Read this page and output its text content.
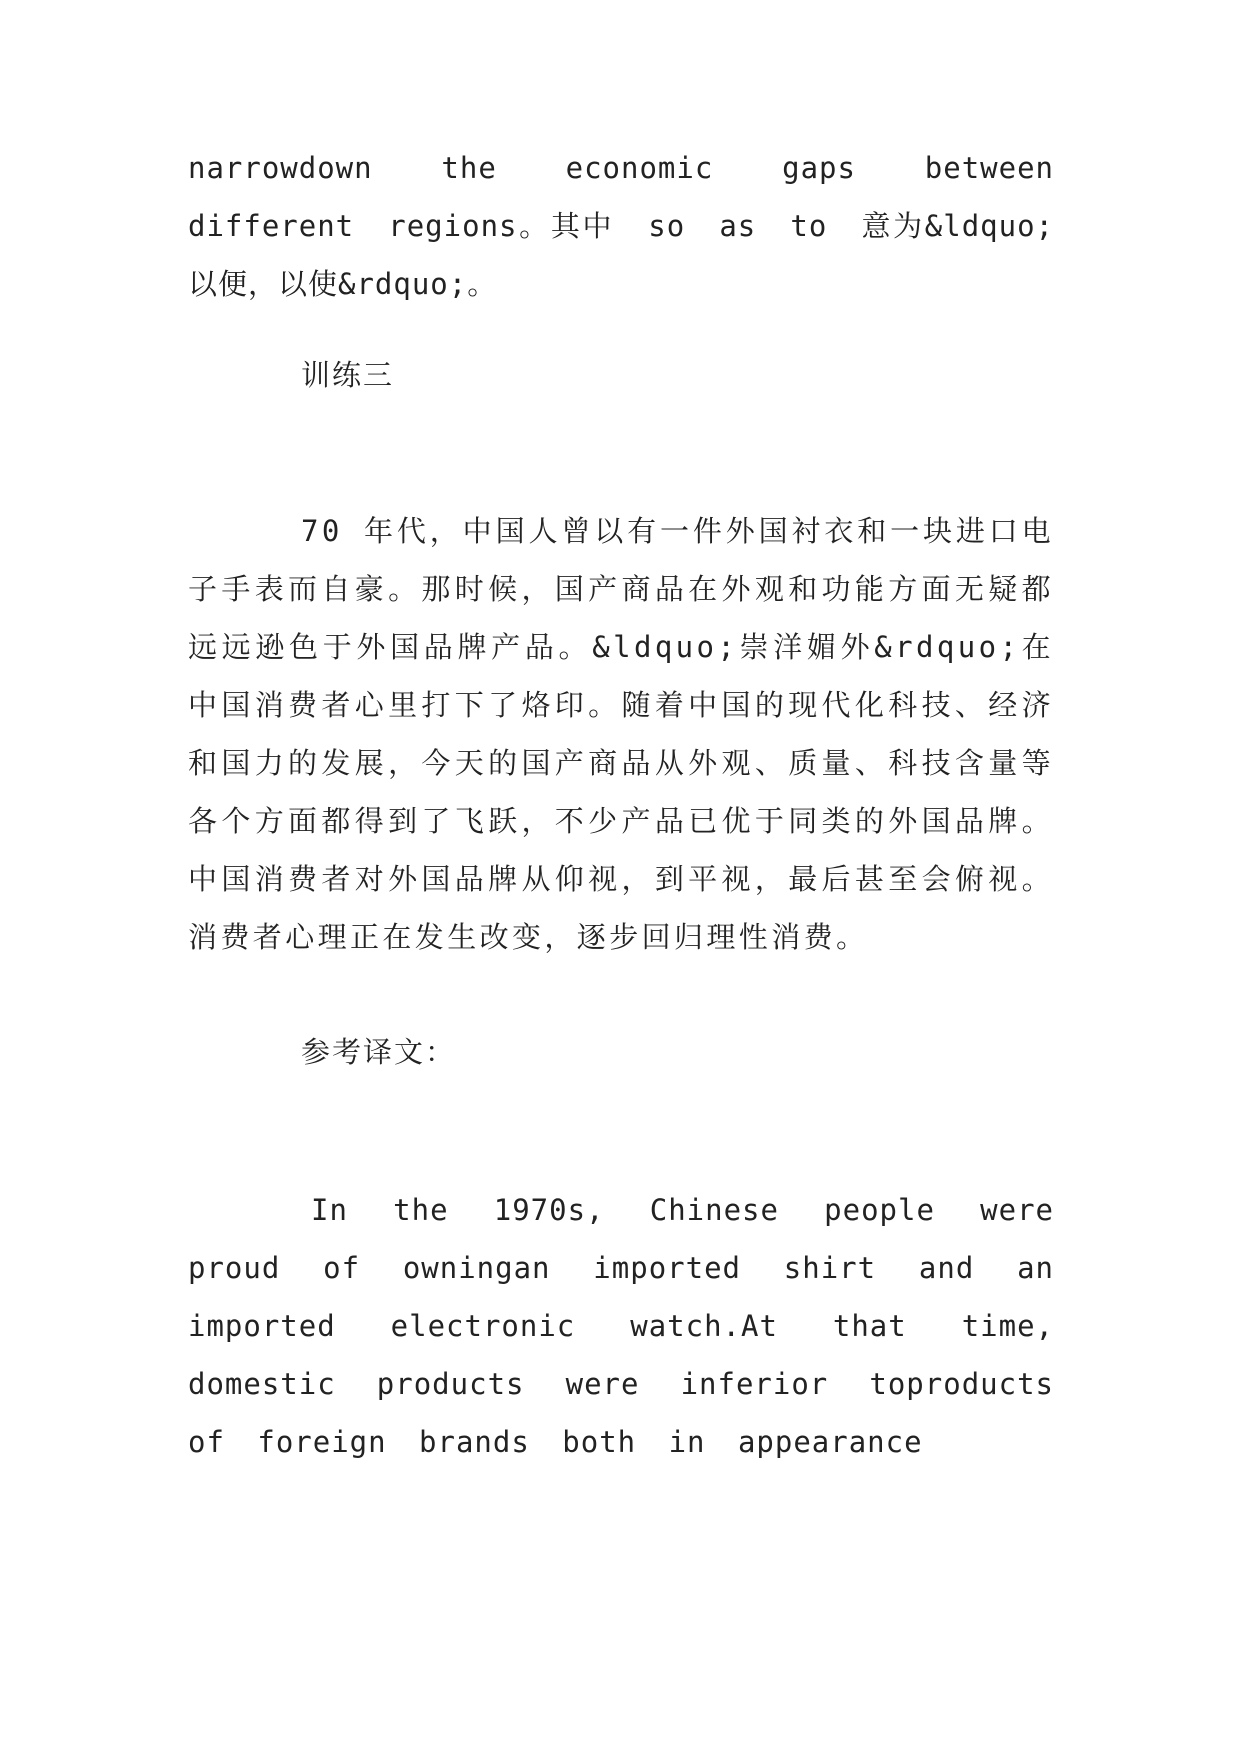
narrowdown the economic gaps between different regions。其中 so as to 意为&ldquo;以便，以使&rdquo;。
训练三
70 年代，中国人曾以有一件外国衬衣和一块进口电子手表而自豪。那时候，国产商品在外观和功能方面无疑都远远逊色于外国品牌产品。&ldquo;崇洋媚外&rdquo;在中国消费者心里打下了烙印。随着中国的现代化科技、经济和国力的发展，今天的国产商品从外观、质量、科技含量等各个方面都得到了飞跃，不少产品已优于同类的外国品牌。中国消费者对外国品牌从仰视，到平视，最后甚至会俯视。消费者心理正在发生改变，逐步回归理性消费。
参考译文：
In the 1970s, Chinese people were proud of owningan imported shirt and an imported electronic watch.At that time, domestic products were inferior toproducts of foreign brands both in appearance
